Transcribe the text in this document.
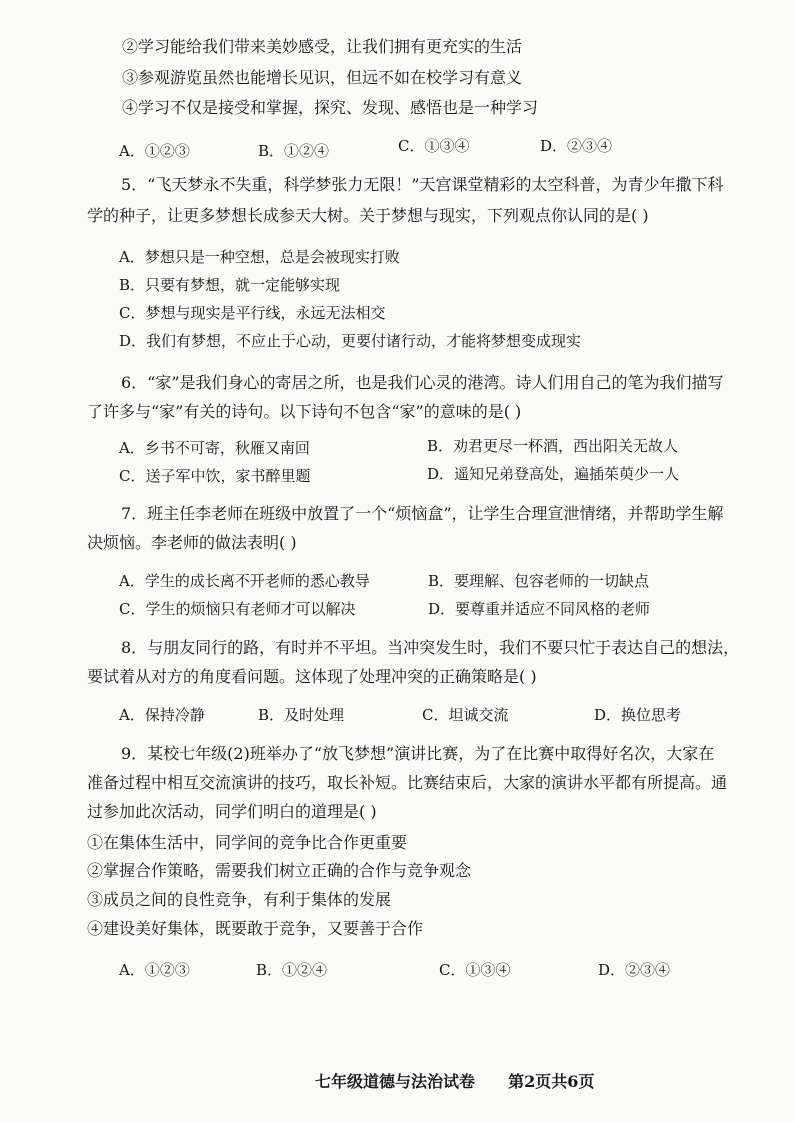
②学习能给我们带来美妙感受，让我们拥有更充实的生活
③参观游览虽然也能增长见识，但远不如在校学习有意义
④学习不仅是接受和掌握，探究、发现、感悟也是一种学习
A．①②③	B．①②④	C．①③④	D．②③④
5．“飞天梦永不失重，科学梦张力无限！”天宫课堂精彩的太空科普，为青少年撒下科
学的种子，让更多梦想长成参天大树。关于梦想与现实，下列观点你认同的是( )
A．梦想只是一种空想，总是会被现实打败
B．只要有梦想，就一定能够实现
C．梦想与现实是平行线，永远无法相交
D．我们有梦想，不应止于心动，更要付诸行动，才能将梦想变成现实
6．“家”是我们身心的寄居之所，也是我们心灵的港湾。诗人们用自己的笔为我们描写
了许多与“家”有关的诗句。以下诗句不包含“家”的意味的是( )
A．乡书不可寄，秋雁又南回	B．劝君更尽一杯酒，西出阳关无故人
C．送子军中饮，家书醉里题	D．遥知兄弟登高处，遍插茱萸少一人
7．班主任李老师在班级中放置了一个“烦恼盒”，让学生合理宣泄情绪，并帮助学生解
决烦恼。李老师的做法表明( )
A．学生的成长离不开老师的悉心教导	B．要理解、包容老师的一切缺点
C．学生的烦恼只有老师才可以解决	D．要尊重并适应不同风格的老师
8．与朋友同行的路，有时并不平坦。当冲突发生时，我们不要只忙于表达自己的想法，
要试着从对方的角度看问题。这体现了处理冲突的正确策略是( )
A．保持冷静	B．及时处理	C．坦诚交流	D．换位思考
9．某校七年级(2)班举办了“放飞梦想”演讲比赛，为了在比赛中取得好名次，大家在
准备过程中相互交流演讲的技巧，取长补短。比赛结束后，大家的演讲水平都有所提高。通
过参加此次活动，同学们明白的道理是( )
①在集体生活中，同学间的竞争比合作更重要
②掌握合作策略，需要我们树立正确的合作与竞争观念
③成员之间的良性竞争，有利于集体的发展
④建设美好集体，既要敢于竞争，又要善于合作
A．①②③	B．①②④	C．①③④	D．②③④
七年级道德与法治试卷 第2页共6页
